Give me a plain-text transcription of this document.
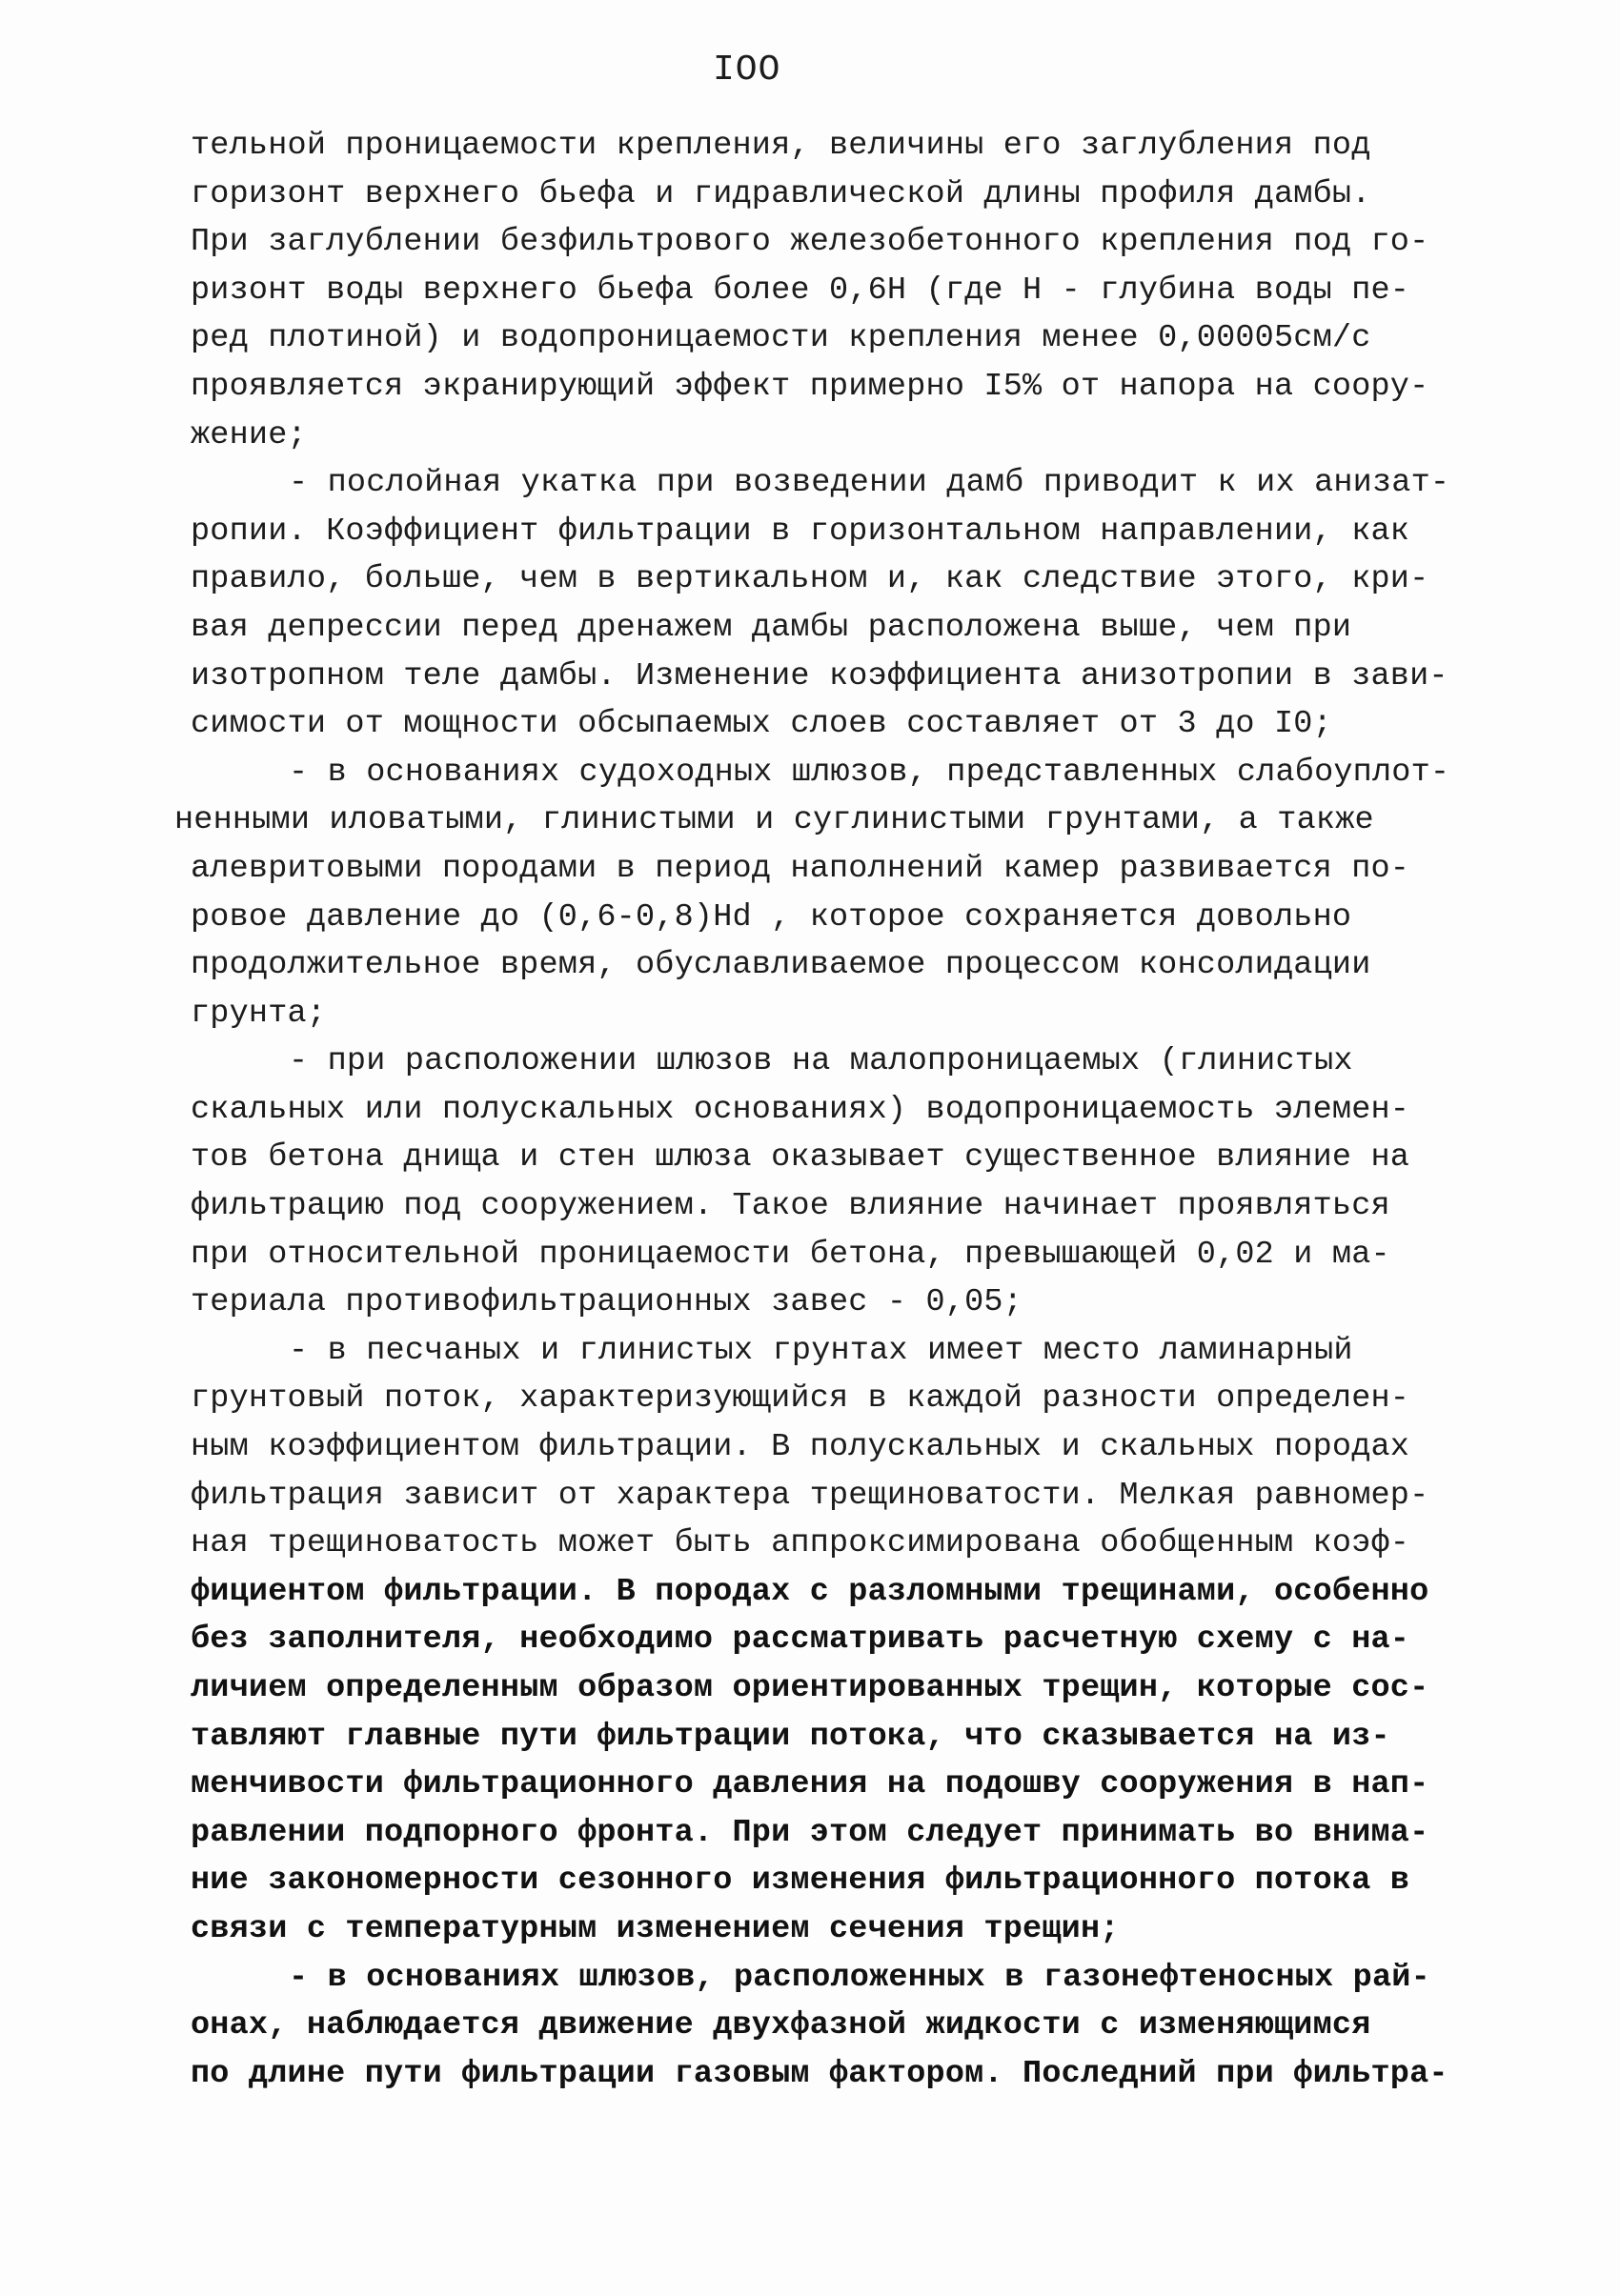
IOO
тельной проницаемости крепления, величины его заглубления под
горизонт верхнего бьефа и гидравлической длины профиля дамбы.
При заглублении безфильтрового железобетонного крепления под го-
ризонт воды верхнего бьефа более 0,6Н (где Н - глубина воды пе-
ред плотиной) и водопроницаемости крепления менее 0,00005см/с
проявляется экранирующий эффект примерно I5% от напора на соору-
жение;
- послойная укатка при возведении дамб приводит к их анизат-
ропии. Коэффициент фильтрации в горизонтальном направлении, как
правило, больше, чем в вертикальном и, как следствие этого, кри-
вая депрессии перед дренажем дамбы расположена выше, чем при
изотропном теле дамбы. Изменение коэффициента анизотропии в зави-
симости от мощности обсыпаемых слоев составляет от 3 до I0;
- в основаниях судоходных шлюзов, представленных слабоуплот-
ненными иловатыми, глинистыми и суглинистыми грунтами, а также
алевритовыми породами в период наполнений камер развивается по-
ровое давление до (0,6-0,8)Hd , которое сохраняется довольно
продолжительное время, обуславливаемое процессом консолидации
грунта;
- при расположении шлюзов на малопроницаемых (глинистых
скальных или полускальных основаниях) водопроницаемость элемен-
тов бетона днища и стен шлюза оказывает существенное влияние на
фильтрацию под сооружением. Такое влияние начинает проявляться
при относительной проницаемости бетона, превышающей 0,02 и ма-
териала противофильтрационных завес - 0,05;
- в песчаных и глинистых грунтах имеет место ламинарный
грунтовый поток, характеризующийся в каждой разности определен-
ным коэффициентом фильтрации. В полускальных и скальных породах
фильтрация зависит от характера трещиноватости. Мелкая равномер-
ная трещиноватость может быть аппроксимирована обобщенным коэф-
фициентом фильтрации. В породах с разломными трещинами, особенно
без заполнителя, необходимо рассматривать расчетную схему с на-
личием определенным образом ориентированных трещин, которые сос-
тавляют главные пути фильтрации потока, что сказывается на из-
менчивости фильтрационного давления на подошву сооружения в нап-
равлении подпорного фронта. При этом следует принимать во внима-
ние закономерности сезонного изменения фильтрационного потока в
связи с температурным изменением сечения трещин;
- в основаниях шлюзов, расположенных в газонефтеносных рай-
онах, наблюдается движение двухфазной жидкости с изменяющимся
по длине пути фильтрации газовым фактором. Последний при фильтра-
